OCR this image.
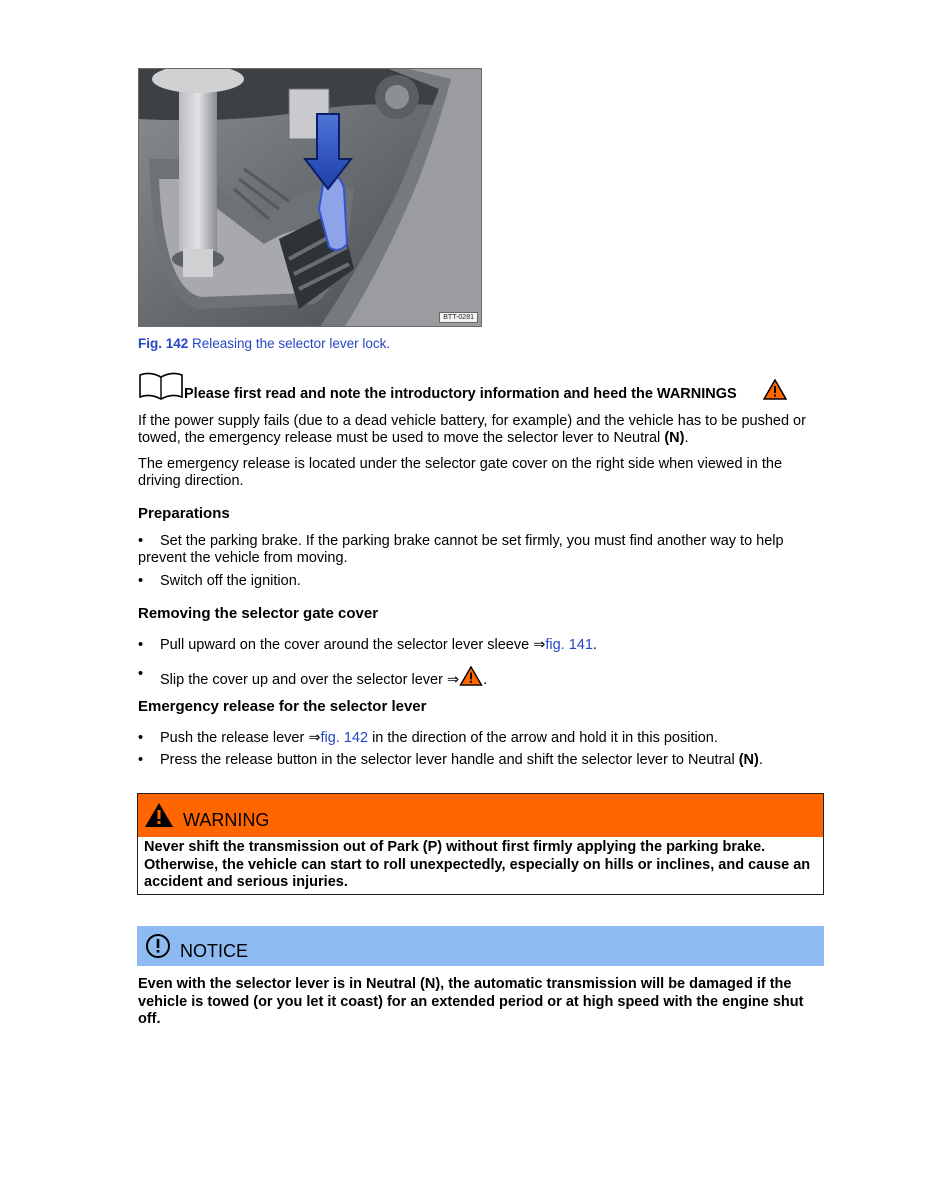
BTT-0281
Fig. 142 Releasing the selector lever lock.
Please first read and note the introductory information and heed the WARNINGS

If the power supply fails (due to a dead vehicle battery, for example) and the vehicle has to be pushed or towed, the emergency release must be used to move the selector lever to Neutral (N).

The emergency release is located under the selector gate cover on the right side when viewed in the driving direction.

Preparations
•	Set the parking brake. If the parking brake cannot be set firmly, you must find another way to help prevent the vehicle from moving.
•	Switch off the ignition.
Removing the selector gate cover
•	Pull upward on the cover around the selector lever sleeve ⇒fig. 141.
•	Slip the cover up and over the selector lever ⇒ .
Emergency release for the selector lever
•	Push the release lever ⇒fig. 142 in the direction of the arrow and hold it in this position.
•	Press the release button in the selector lever handle and shift the selector lever to Neutral (N).
WARNING
Never shift the transmission out of Park (P) without first firmly applying the parking brake. Otherwise, the vehicle can start to roll unexpectedly, especially on hills or inclines, and cause an accident and serious injuries.
NOTICE
Even with the selector lever is in Neutral (N), the automatic transmission will be damaged if the vehicle is towed (or you let it coast) for an extended period or at high speed with the engine shut off.
